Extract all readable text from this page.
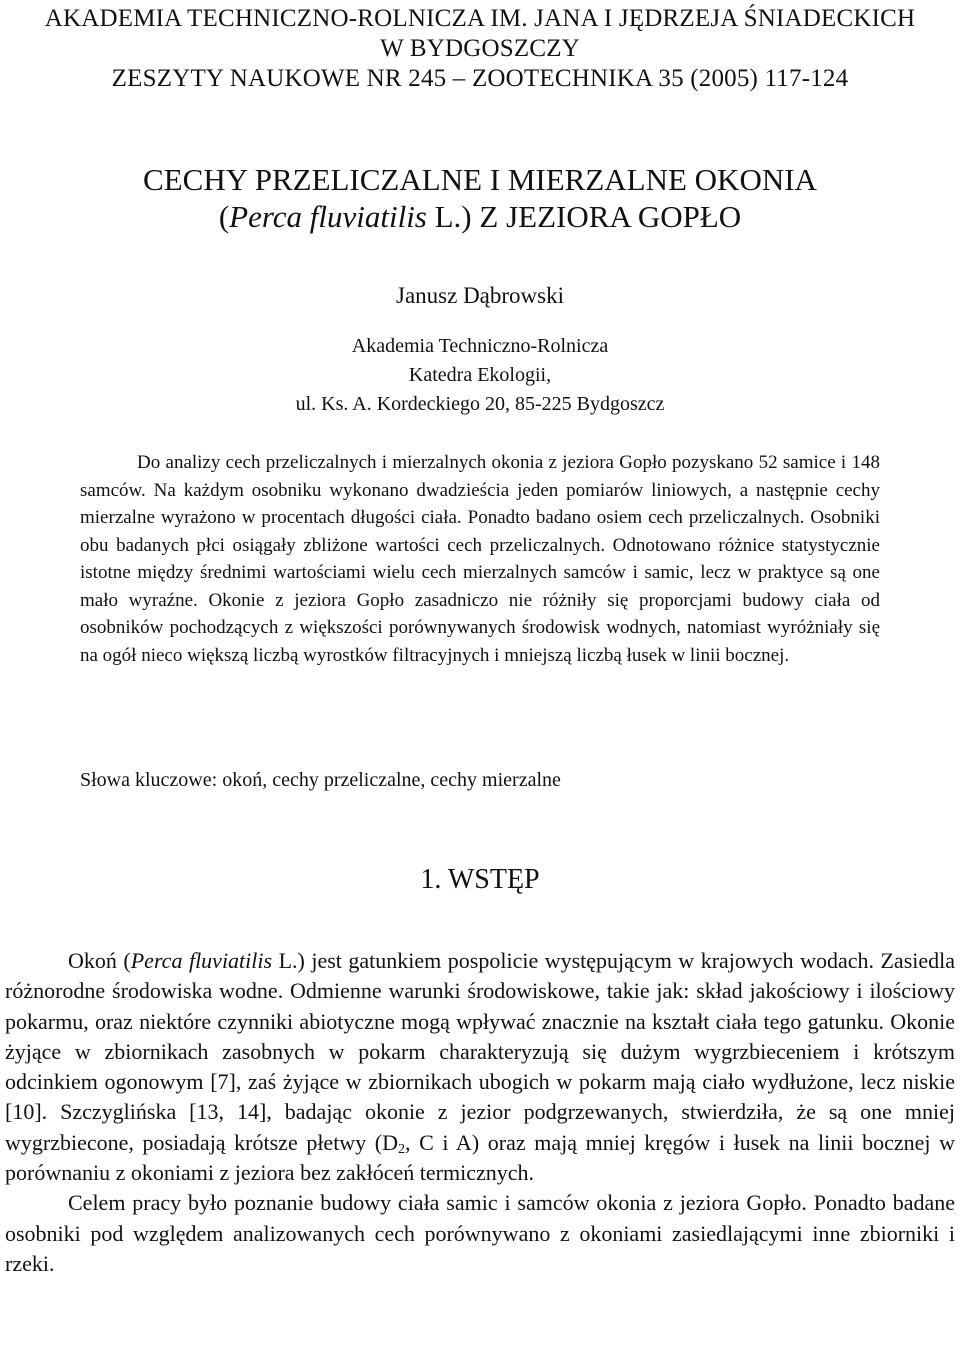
AKADEMIA TECHNICZNO-ROLNICZA IM. JANA I JĘDRZEJA ŚNIADECKICH

W BYDGOSZCZY

ZESZYTY NAUKOWE NR 245 – ZOOTECHNIKA 35 (2005) 117-124

CECHY PRZELICZALNE I MIERZALNE OKONIA

(Perca fluviatilis L.) Z JEZIORA GOPŁO

Janusz Dąbrowski

Akademia Techniczno-Rolnicza

Katedra Ekologii,

ul. Ks. A. Kordeckiego 20, 85-225 Bydgoszcz

Do analizy cech przeliczalnych i mierzalnych okonia z jeziora Gopło pozyskano 52 samice i 148 samców. Na każdym osobniku wykonano dwadzieścia jeden pomiarów liniowych, a następnie cechy mierzalne wyrażono w procentach długości ciała. Ponadto badano osiem cech przeliczalnych. Osobniki obu badanych płci osiągały zbliżone wartości cech przeliczalnych. Odnotowano różnice statystycznie istotne między średnimi wartościami wielu cech mierzalnych samców i samic, lecz w praktyce są one mało wyraźne. Okonie z jeziora Gopło zasadniczo nie różniły się proporcjami budowy ciała od osobników pochodzących z większości porównywanych środowisk wodnych, natomiast wyróżniały się na ogół nieco większą liczbą wyrostków filtracyjnych i mniejszą liczbą łusek w linii bocznej.

Słowa kluczowe: okoń, cechy przeliczalne, cechy mierzalne

1. WSTĘP

Okoń (Perca fluviatilis L.) jest gatunkiem pospolicie występującym w krajowych wodach. Zasiedla różnorodne środowiska wodne. Odmienne warunki środowiskowe, takie jak: skład jakościowy i ilościowy pokarmu, oraz niektóre czynniki abiotyczne mogą wpływać znacznie na kształt ciała tego gatunku. Okonie żyjące w zbiornikach zasobnych w pokarm charakteryzują się dużym wygrzbieceniem i krótszym odcinkiem ogonowym [7], zaś żyjące w zbiornikach ubogich w pokarm mają ciało wydłużone, lecz niskie [10]. Szczyglińska [13, 14], badając okonie z jezior podgrzewanych, stwierdziła, że są one mniej wygrzbiecone, posiadają krótsze płetwy ($D_2$, C i A) oraz mają mniej kręgów i łusek na linii bocznej w porównaniu z okoniami z jeziora bez zakłóceń termicznych.

Celem pracy było poznanie budowy ciała samic i samców okonia z jeziora Gopło. Ponadto badane osobniki pod względem analizowanych cech porównywano z okoniami zasiedlającymi inne zbiorniki i rzeki.
